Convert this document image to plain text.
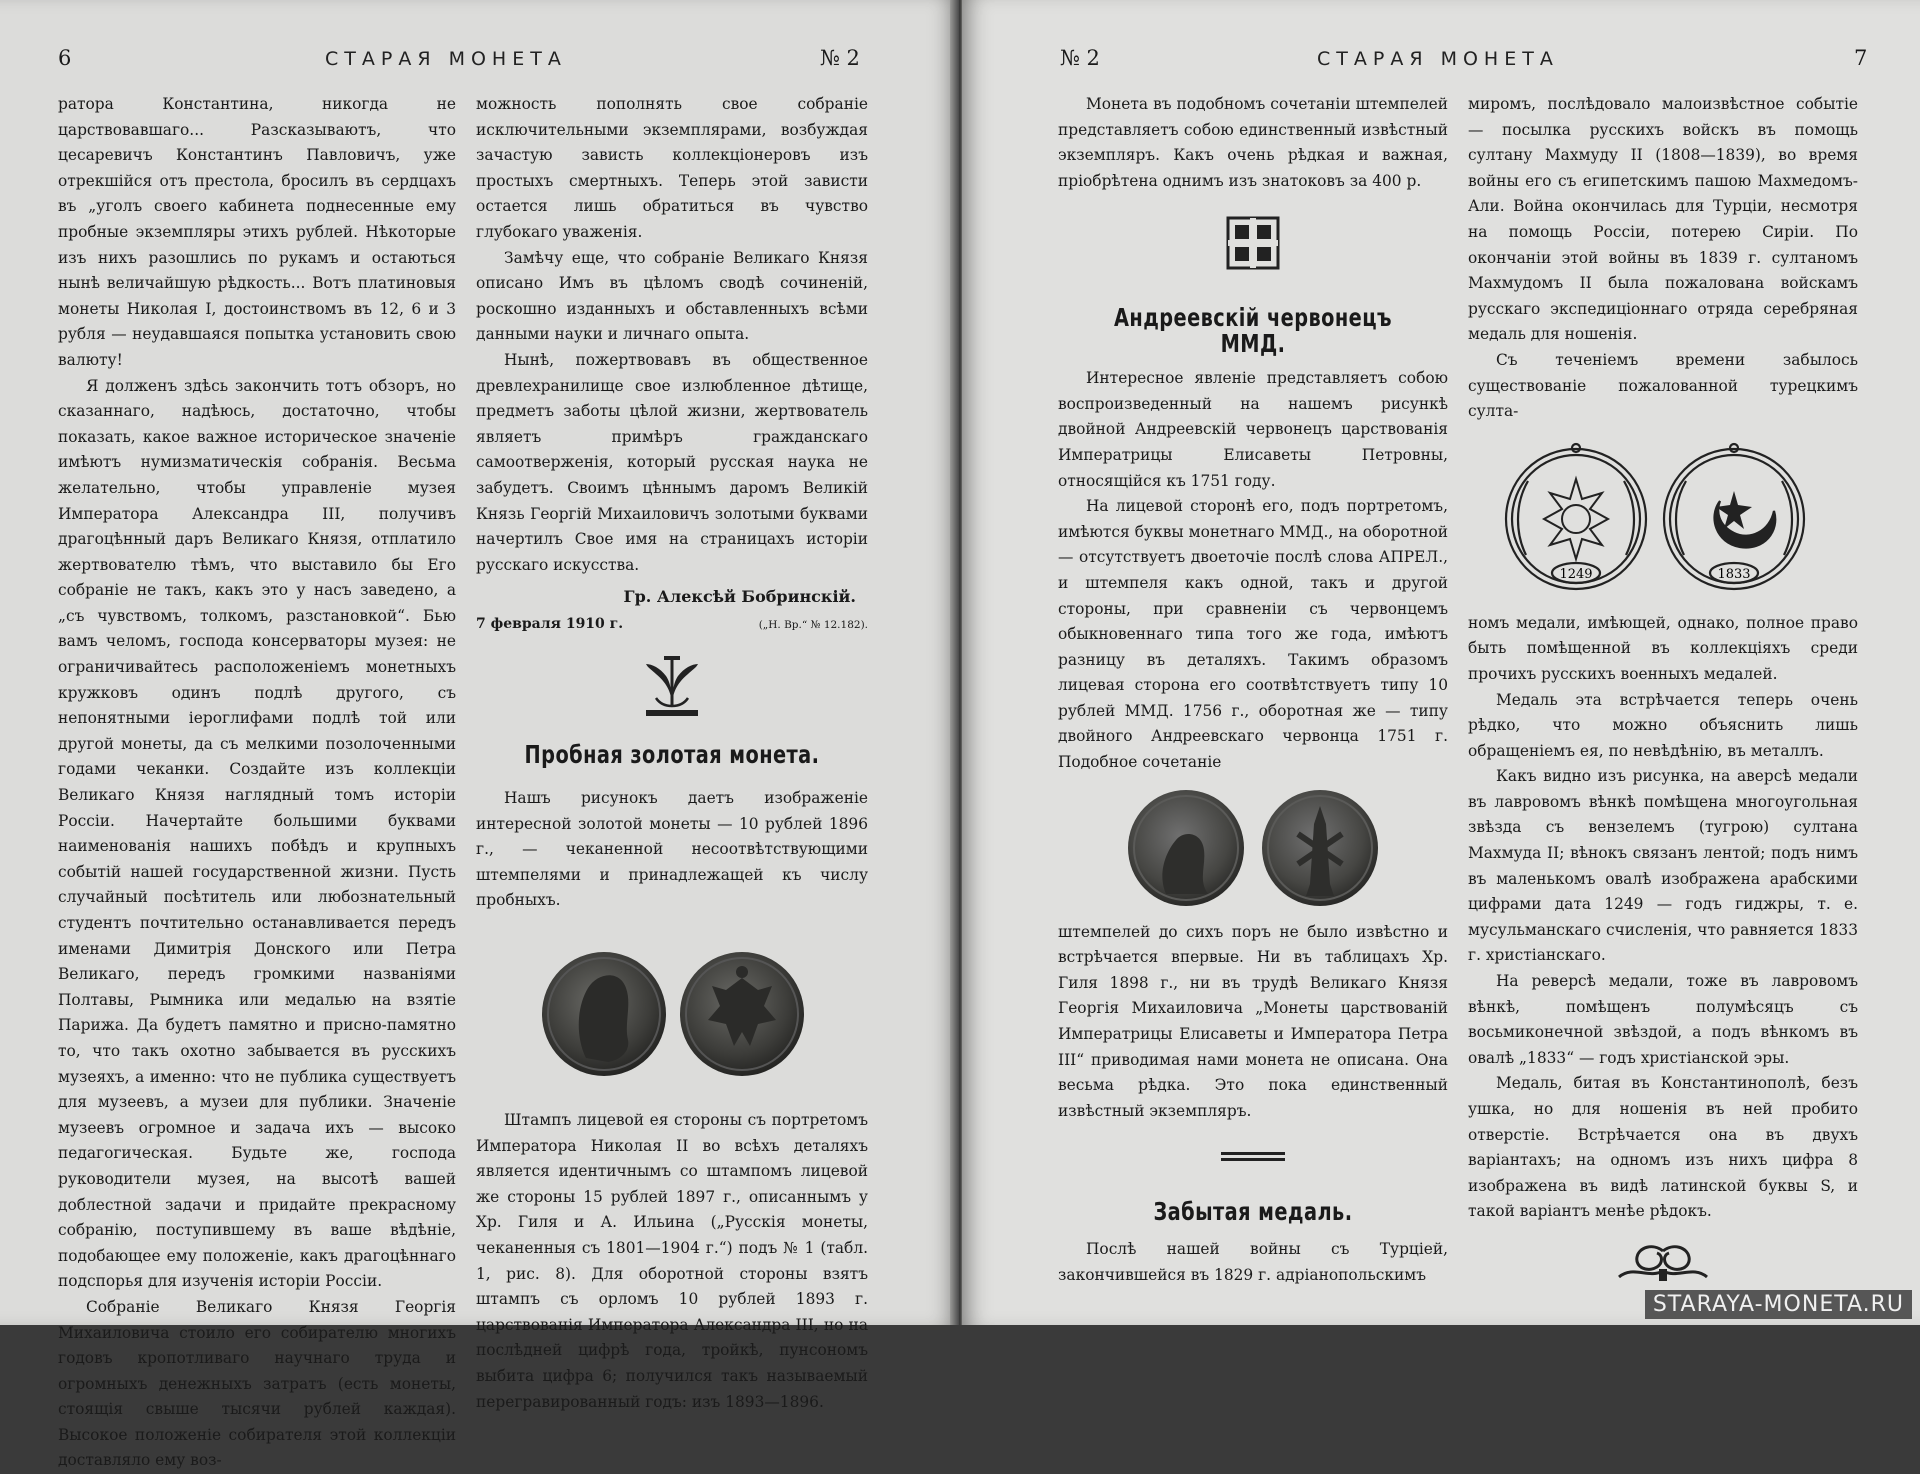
6	СТАРАЯ МОНЕТА	№ 2

ратора Константина, никогда не царствовавшаго... Разсказываютъ, что цесаревичъ Константинъ Павловичъ, уже отрекшійся отъ престола, бросилъ въ сердцахъ въ „уголъ своего кабинета поднесенные ему пробные экземпляры этихъ рублей. Нѣкоторые изъ нихъ разошлись по рукамъ и остаються нынѣ величайшую рѣдкость... Вотъ платиновыя монеты Николая I, достоинствомъ въ 12, 6 и 3 рубля — неудавшаяся попытка установить свою валюту!

Я долженъ здѣсь закончить тотъ обзоръ, но сказаннаго, надѣюсь, достаточно, чтобы показать, какое важное историческое значеніе имѣютъ нумизматическія собранія. Весьма желательно, чтобы управленіе музея Императора Александра III, получивъ драгоцѣнный даръ Великаго Князя, отплатило жертвователю тѣмъ, что выставило бы Его собраніе не такъ, какъ это у насъ заведено, а „съ чувствомъ, толкомъ, разстановкой“. Бью вамъ челомъ, господа консерваторы музея: не ограничивайтесь расположеніемъ монетныхъ кружковъ одинъ подлѣ другого, съ непонятными іероглифами подлѣ той или другой монеты, да съ мелкими позолоченными годами чеканки. Создайте изъ коллекціи Великаго Князя наглядный томъ исторіи Россіи. Начертайте большими буквами наименованія нашихъ побѣдъ и крупныхъ событій нашей государственной жизни. Пусть случайный посѣтитель или любознательный студентъ почтительно останавливается передъ именами Димитрія Донского или Петра Великаго, передъ громкими названіями Полтавы, Рымника или медалью на взятіе Парижа. Да будетъ памятно и присно-памятно то, что такъ охотно забывается въ русскихъ музеяхъ, а именно: что не публика существуетъ для музеевъ, а музеи для публики. Значеніе музеевъ огромное и задача ихъ — высоко педагогическая. Будьте же, господа руководители музея, на высотѣ вашей доблестной задачи и придайте прекрасному собранію, поступившему въ ваше вѣдѣніе, подобающее ему положеніе, какъ драгоцѣннаго подспорья для изученія исторіи Россіи.

Собраніе Великаго Князя Георгія Михаиловича стоило его собирателю многихъ годовъ кропотливаго научнаго труда и огромныхъ денежныхъ затратъ (есть монеты, стоящія свыше тысячи рублей каждая). Высокое положеніе собирателя этой коллекціи доставляло ему воз-

можность пополнять свое собраніе исключительными экземплярами, возбуждая зачастую зависть коллекціонеровъ изъ простыхъ смертныхъ. Теперь этой зависти остается лишь обратиться въ чувство глубокаго уваженія.

Замѣчу еще, что собраніе Великаго Князя описано Имъ въ цѣломъ сводѣ сочиненій, роскошно изданныхъ и обставленныхъ всѣми данными науки и личнаго опыта.

Нынѣ, пожертвовавъ въ общественное древлехранилище свое излюбленное дѣтище, предметъ заботы цѣлой жизни, жертвователь являетъ примѣръ гражданскаго самоотверженія, который русская наука не забудетъ. Своимъ цѣннымъ даромъ Великій Князь Георгій Михаиловичъ золотыми буквами начертилъ Свое имя на страницахъ исторіи русскаго искусства.

Гр. Алексѣй Бобринскій.
7 февраля 1910 г.	(„Н. Вр.“ № 12.182).
Пробная золотая монета.

Нашъ рисунокъ даетъ изображеніе интересной золотой монеты — 10 рублей 1896 г., — чеканенной несоотвѣтствующими штемпелями и принадлежащей къ числу пробныхъ.

Штампъ лицевой ея стороны съ портретомъ Императора Николая II во всѣхъ деталяхъ является идентичнымъ со штампомъ лицевой же стороны 15 рублей 1897 г., описаннымъ у Хр. Гиля и А. Ильина („Русскія монеты, чеканенныя съ 1801—1904 г.“) подъ № 1 (табл. 1, рис. 8). Для оборотной стороны взятъ штампъ съ орломъ 10 рублей 1893 г. царствованія Императора Александра III, но на послѣдней цифрѣ года, тройкѣ, пунсономъ выбита цифра 6; получился такъ называемый перегравированный годъ: изъ 1893—1896.

№ 2	СТАРАЯ МОНЕТА	7

Монета въ подобномъ сочетаніи штемпелей представляетъ собою единственный извѣстный экземпляръ. Какъ очень рѣдкая и важная, пріобрѣтена однимъ изъ знатоковъ за 400 р.

Андреевскій червонецъ ММД.

Интересное явленіе представляетъ собою воспроизведенный на нашемъ рисункѣ двойной Андреевскій червонецъ царствованія Императрицы Елисаветы Петровны, относящійся къ 1751 году.

На лицевой сторонѣ его, подъ портретомъ, имѣются буквы монетнаго ММД., на оборотной — отсутствуетъ двоеточіе послѣ слова АПРЕЛ., и штемпеля какъ одной, такъ и другой стороны, при сравненіи съ червонцемъ обыкновеннаго типа того же года, имѣютъ разницу въ деталяхъ. Такимъ образомъ лицевая сторона его соотвѣтствуетъ типу 10 рублей ММД. 1756 г., оборотная же — типу двойного Андреевскаго червонца 1751 г. Подобное сочетаніе

штемпелей до сихъ поръ не было извѣстно и встрѣчается впервые. Ни въ таблицахъ Хр. Гиля 1898 г., ни въ трудѣ Великаго Князя Георгія Михаиловича „Монеты царствованій Императрицы Елисаветы и Императора Петра III“ приводимая нами монета не описана. Она весьма рѣдка. Это пока единственный извѣстный экземпляръ.

Забытая медаль.

Послѣ нашей войны съ Турціей, закончившейся въ 1829 г. адріанопольскимъ

миромъ, послѣдовало малоизвѣстное событіе — посылка русскихъ войскъ въ помощь султану Махмуду II (1808—1839), во время войны его съ египетскимъ пашою Махмедомъ-Али. Война окончилась для Турціи, несмотря на помощь Россіи, потерею Сиріи. По окончаніи этой войны въ 1839 г. султаномъ Махмудомъ II была пожалована войскамъ русскаго экспедиціоннаго отряда серебряная медаль для ношенія.

Съ теченіемъ времени забылось существованіе пожалованной турецкимъ султа-

1249	1833

номъ медали, имѣющей, однако, полное право быть помѣщенной въ коллекціяхъ среди прочихъ русскихъ военныхъ медалей.

Медаль эта встрѣчается теперь очень рѣдко, что можно объяснить лишь обращеніемъ ея, по невѣдѣнію, въ металлъ.

Какъ видно изъ рисунка, на аверсѣ медали въ лавровомъ вѣнкѣ помѣщена многоугольная звѣзда съ вензелемъ (тугрою) султана Махмуда II; вѣнокъ связанъ лентой; подъ нимъ въ маленькомъ овалѣ изображена арабскими цифрами дата 1249 — годъ гиджры, т. е. мусульманскаго счисленія, что равняется 1833 г. христіанскаго.

На реверсѣ медали, тоже въ лавровомъ вѣнкѣ, помѣщенъ полумѣсяцъ съ восьмиконечной звѣздой, а подъ вѣнкомъ въ овалѣ „1833“ — годъ христіанской эры.

Медаль, битая въ Константинополѣ, безъ ушка, но для ношенія въ ней пробито отверстіе. Встрѣчается она въ двухъ варіантахъ; на одномъ изъ нихъ цифра 8 изображена въ видѣ латинской буквы S, и такой варіантъ менѣе рѣдокъ.

STARAYA-MONETA.RU
